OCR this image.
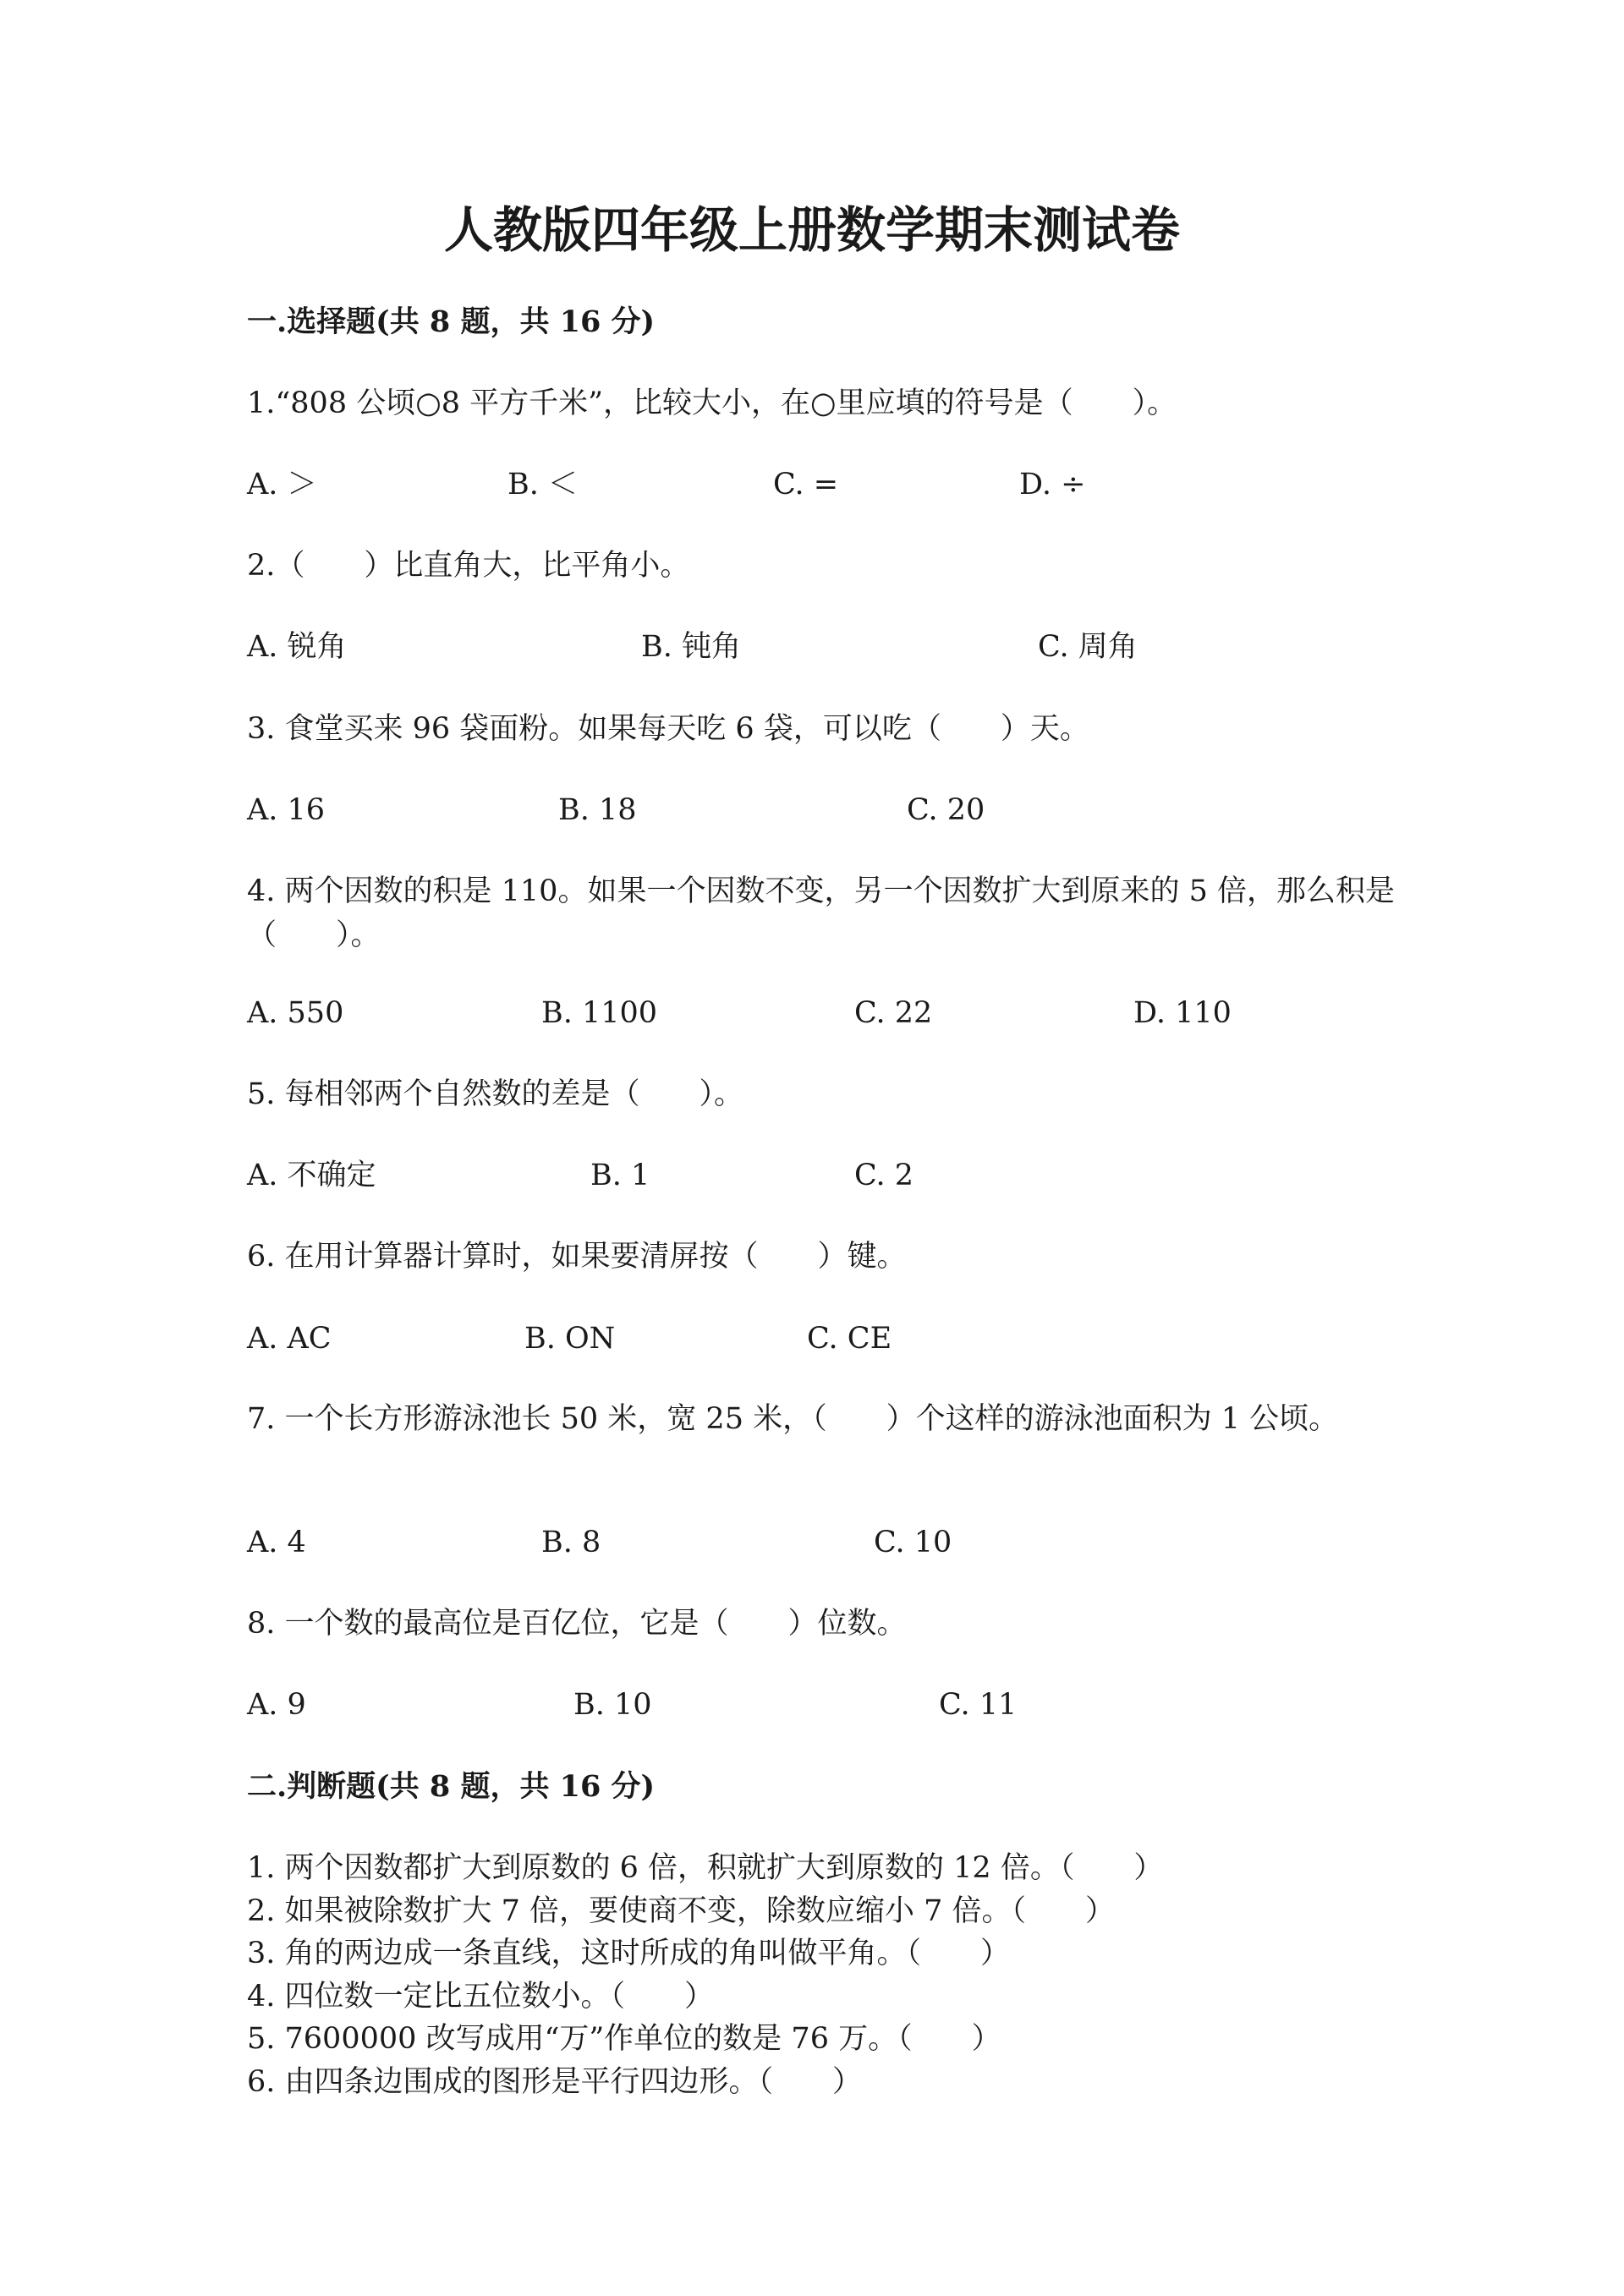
人教版四年级上册数学期末测试卷
一.选择题(共 8 题，共 16 分)
1.“808 公顷○8 平方千米”，比较大小，在○里应填的符号是（　　）。
A. ＞	B. ＜	C. =	D. ÷
2.（　　）比直角大，比平角小。
A. 锐角	B. 钝角	C. 周角
3. 食堂买来 96 袋面粉。如果每天吃 6 袋，可以吃（　　）天。
A. 16	B. 18	C. 20
4. 两个因数的积是 110。如果一个因数不变，另一个因数扩大到原来的 5 倍，那么积是（　　）。
A. 550	B. 1100	C. 22	D. 110
5. 每相邻两个自然数的差是（　　）。
A. 不确定	B. 1	C. 2
6. 在用计算器计算时，如果要清屏按（　　）键。
A. AC	B. ON	C. CE
7. 一个长方形游泳池长 50 米，宽 25 米，（　　）个这样的游泳池面积为 1 公顷。
A. 4	B. 8	C. 10
8. 一个数的最高位是百亿位，它是（　　）位数。
A. 9	B. 10	C. 11
二.判断题(共 8 题，共 16 分)
1. 两个因数都扩大到原数的 6 倍，积就扩大到原数的 12 倍。（　　）
2. 如果被除数扩大 7 倍，要使商不变，除数应缩小 7 倍。（　　）
3. 角的两边成一条直线，这时所成的角叫做平角。（　　）
4. 四位数一定比五位数小。（　　）
5. 7600000 改写成用“万”作单位的数是 76 万。（　　）
6. 由四条边围成的图形是平行四边形。（　　）
